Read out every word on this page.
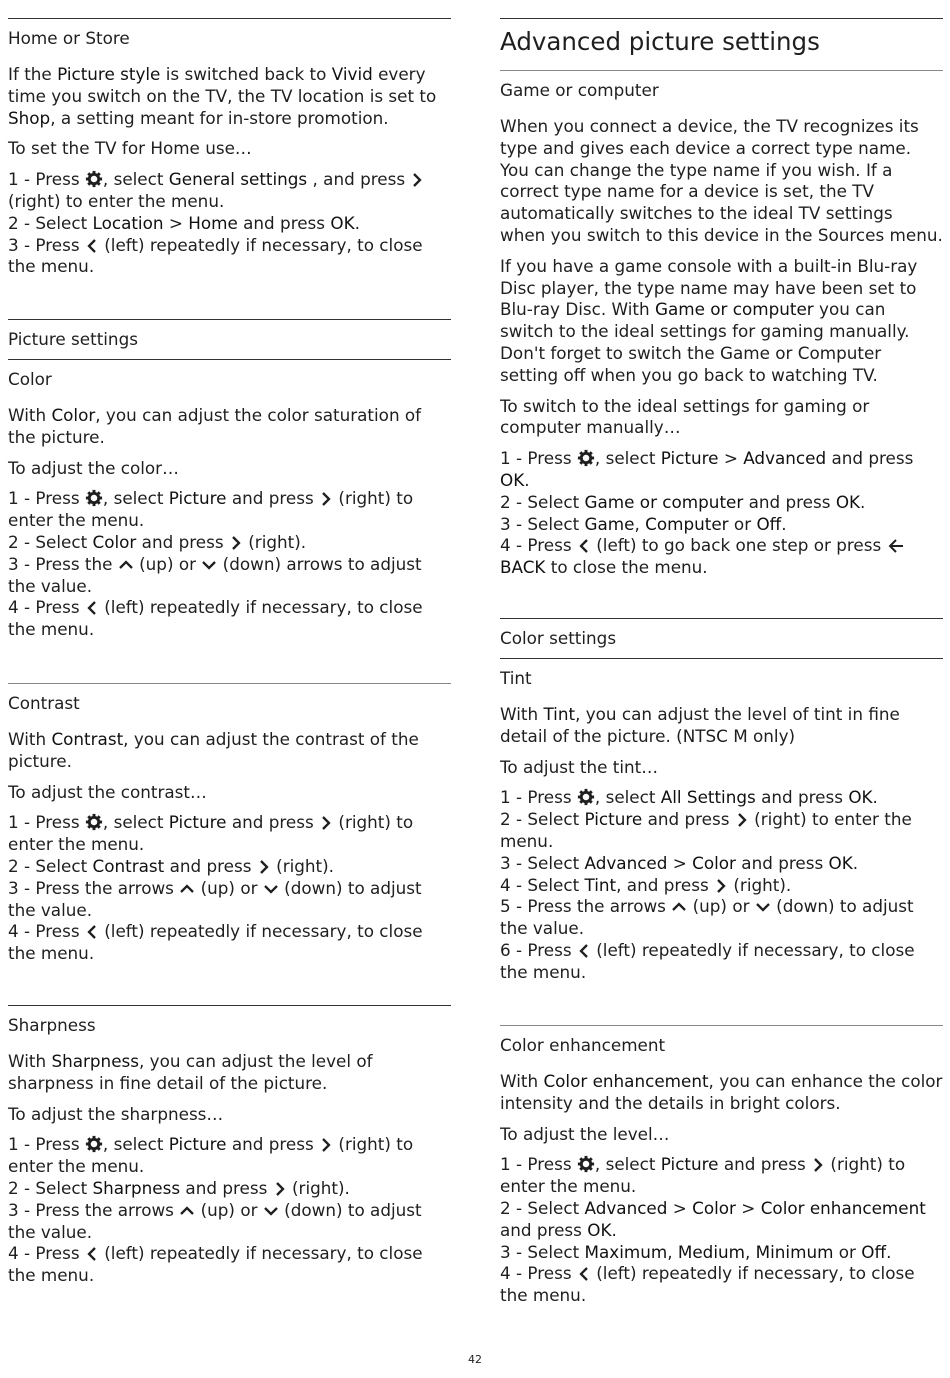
Home or Store

If the Picture style is switched back to Vivid every time you switch on the TV, the TV location is set to Shop, a setting meant for in-store promotion.

To set the TV for Home use…

1 - Press , select General settings , and press  (right) to enter the menu.

2 - Select Location > Home and press OK.

3 - Press  (left) repeatedly if necessary, to close the menu.

Picture settings
Color

With Color, you can adjust the color saturation of the picture.

To adjust the color…

1 - Press , select Picture and press  (right) to enter the menu.

2 - Select Color and press  (right).

3 - Press the  (up) or  (down) arrows to adjust the value.

4 - Press  (left) repeatedly if necessary, to close the menu.

Contrast

With Contrast, you can adjust the contrast of the picture.

To adjust the contrast…

1 - Press , select Picture and press  (right) to enter the menu.

2 - Select Contrast and press  (right).

3 - Press the arrows  (up) or  (down) to adjust the value.

4 - Press  (left) repeatedly if necessary, to close the menu.

Sharpness

With Sharpness, you can adjust the level of sharpness in fine detail of the picture.

To adjust the sharpness…

1 - Press , select Picture and press  (right) to enter the menu.

2 - Select Sharpness and press  (right).

3 - Press the arrows  (up) or  (down) to adjust the value.

4 - Press  (left) repeatedly if necessary, to close the menu.

Advanced picture settings
Game or computer

When you connect a device, the TV recognizes its type and gives each device a correct type name. You can change the type name if you wish. If a correct type name for a device is set, the TV automatically switches to the ideal TV settings when you switch to this device in the Sources menu.

If you have a game console with a built-in Blu-ray Disc player, the type name may have been set to Blu-ray Disc. With Game or computer you can switch to the ideal settings for gaming manually. Don't forget to switch the Game or Computer setting off when you go back to watching TV.

To switch to the ideal settings for gaming or computer manually…

1 - Press , select Picture > Advanced and press OK.

2 - Select Game or computer and press OK.

3 - Select Game, Computer or Off.

4 - Press  (left) to go back one step or press  BACK to close the menu.

Color settings
Tint

With Tint, you can adjust the level of tint in fine detail of the picture. (NTSC M only)

To adjust the tint…

1 - Press , select All Settings and press OK.

2 - Select Picture and press  (right) to enter the menu.

3 - Select Advanced > Color and press OK.

4 - Select Tint, and press  (right).

5 - Press the arrows  (up) or  (down) to adjust the value.

6 - Press  (left) repeatedly if necessary, to close the menu.

Color enhancement

With Color enhancement, you can enhance the color intensity and the details in bright colors.

To adjust the level…

1 - Press , select Picture and press  (right) to enter the menu.

2 - Select Advanced > Color > Color enhancement and press OK.

3 - Select Maximum, Medium, Minimum or Off.

4 - Press  (left) repeatedly if necessary, to close the menu.

42
